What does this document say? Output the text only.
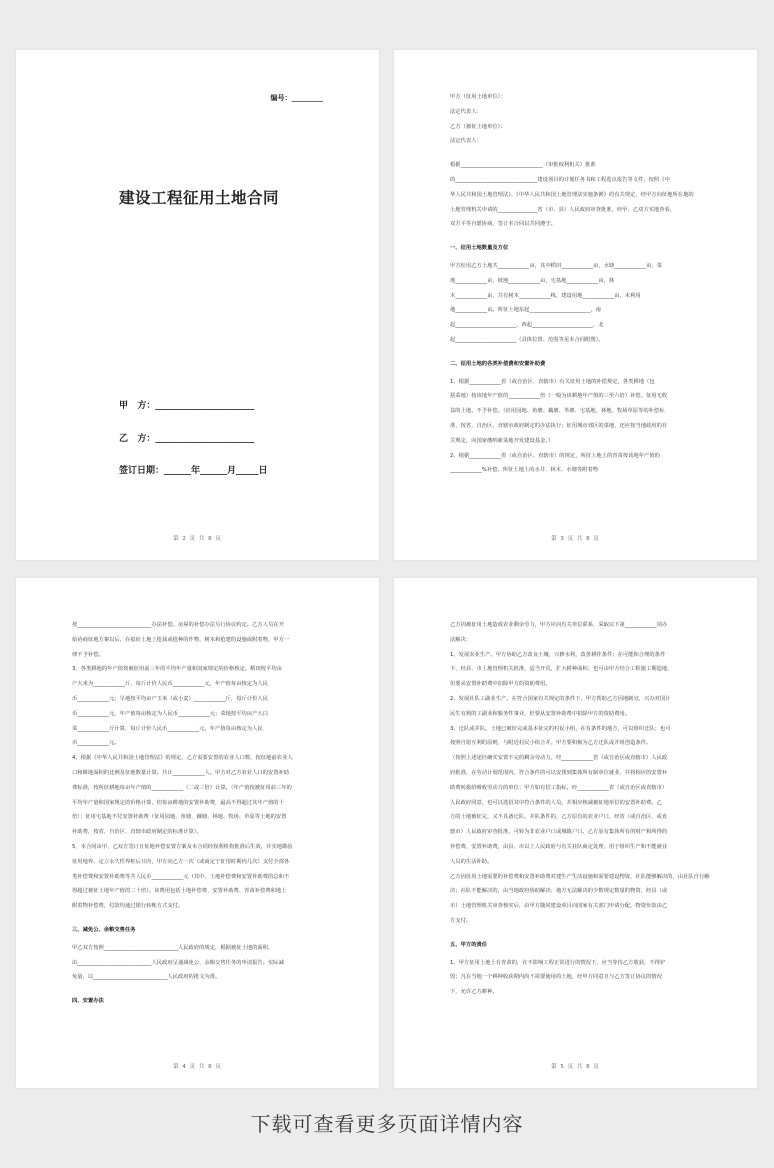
编号：_________
建设工程征用土地合同
甲   方：______________________
乙   方：______________________
签订日期：______年______月_____日
第 2 页 共 8 页

甲方（征用土地单位）：

法定代表人：

乙方（被征土地单位）：

法定代表人：

根据_______________________________（审批权利机关）批准

的_______________________________建设项目的计划任务书和工程选点报告等文件，按照《中

华人民共和国土地管理法》、《中华人民共和国土地管理法实施条例》的有关规定，经甲方向征地所在地的

土地管理机关申请的_______________省（市、县）人民政府审查批准，经甲、乙双方实地查看，

双方平等自愿协商，签订本合同以共同遵守。

一、征用土地数量及方位

甲方征用乙方土地共____________亩，其中稻田____________亩，水塘____________亩，菜

地____________亩，坡地____________亩，宅基地____________亩，林

木____________亩，共有树木____________株，建设用地____________亩，未利用

地____________亩。所征土地东起_______________________，南

起_______________________，西起_______________________，北

起_______________________（具体位置、范围等见本合同附图）。

二、征用土地的各类补偿费和安置补助费

1、根据____________省（或自治区、直辖市）有关征用土地的补偿规定，各类耕地（包

括菜地）按该地年产值的____________倍（一般为该耕地年产值的三至六倍）补偿。征用无收

益的土地，不予补偿。（征用园地、鱼塘、藕塘、苇塘、宅基地、林地、牧场草原等的补偿标

准，按省、自治区、直辖市政府制定的办法执行；征用城市郊区的菜地，还应按当地政府的有

关规定，向国家缴纳新菜地开发建设基金。）

2、根据____________省（或自治区、直辖市）的规定，所征土地上的青苗按该地年产值的

____________%补偿。所征土地上的水井、林木、水塘等附着物

第 3 页 共 8 页

按____________________________办法补偿。房屋的补偿办法另行协议约定。乙方人员在开

始协商征地方案以后，在拟征土地上抢栽或抢种的作物、树木和抢建的设施或附着物，甲方一

律不予补偿。

3、各类耕地的年产值按被征用前三年的平均年产量和国家规定的价格核定。稻田按平均亩

产大米为____________斤，每斤计价人民币____________元，年产值每亩核定为人民

币____________元；旱地按平均亩产玉米（或小麦）____________斤，每斤计价人民

币____________元，年产值每亩核定为人民币____________元；菜地按平均亩产大白

菜____________斤计算，每斤计价人民币____________元，年产值每亩核定为人民

币____________元。

4、根据《中华人民共和国土地管理法》的规定，乙方需要安置的农业人口数，按征地前农业人

口和耕地面积的比例及征地数量计算，共计____________人。甲方对乙方农业人口的安置补助

费标准，按所征耕地每亩年产值的____________（二或三倍）计算。（年产值按被征用前三年的

平均年产量和国家规定的价格计算，但每亩耕地的安置补助费，最高不得超过其年产值的十

倍）；征用宅基地不付安置补助费（征用园地、鱼塘、藕塘、林地、牧场、草原等土地的安置

补助费，按省、自治区、直辖市政府制定的标准计算）。

5、本合同由甲、乙双方签订且征地补偿安置方案及本合同经权利机构批准后生效，并实地勘验

征用地界、定立永久性界桩后日内，甲方向乙方一次（或商定于征用时期内几次）支付全部各

类补偿费和安置补助费等共人民币____________元（其中，土地补偿费和安置补助费的总和不

得超过被征土地年产值的二十倍）。该费用包括土地补偿费、安置补助费、青苗补偿费和地上

附着物补偿费，付款均通过银行转帐方式支付。

三、减免公、余粮交售任务

甲乙双方按照____________________________人民政府的规定，根据被征土地的面积，

由____________________________人民政府呈递减免公、余粮交售任务的申请报告。实际减

免量，以____________________________人民政府的批文为准。

四、安置办法

第 4 页 共 8 页

乙方因被征用土地造成农业剩余劳力，甲方应向有关单位联系，采取以下第____________项办

法解决：

1、发展农业生产。甲方协助乙方改良土壤，兴修水利，改善耕作条件；在可能和合理的条件

下，经县、市土地管理机关批准，适当开荒，扩大耕种面积；也可由甲方结合工程施工期造地，

但要从安置补助费中扣除甲方的资助费用。

2、发展社队工副业生产。在符合国家有关规定的条件下，甲方帮助乙方因地制宜，兴办对国计

民生有利的工副业和服务性事业，但要从安置补助费中扣除甲方的资助费用。

3、迁队或并队。土地已被征完或基本征完的村民小组，在有条件的地方，可以组织迁队；也可

按照自愿互利的原则，与附近村民小组合并。甲方要积极为乙方迁队或并组创造条件。

（按照上述途径确实安置不完的剩余劳动力，经____________省（或自治区或直辖市）人民政

府批准，在劳动计划范围内，符合条件的可以安排到集体所有制单位就业，并将相应的安置补

助费转拨给吸收劳动力的单位；甲方如有招工指标，经____________省（或自治区或直辖市）

人民政府同意，也可以选招其中符合条件的人员，并相应核减被征地单位的安置补助费。乙

方的土地被征完，又不具备迁队、并队条件的，乙方原有的农业户口，经省（或自治区，或直

辖市）人民政府审查批准，可转为非农业户口或城镇户口。乙方原有集体所有的财产和所得的

补偿费、安置补助费，由县、市以上人民政府与有关社队商定处理，用于组织生产和不能就业

人员的生活补助。

乙方因征用土地需要的补偿费和安置补助费对建生产生活设施和需要建设物资，社队能够解决的，由社队自行解

决；社队不能解决的，由当地政府协助解决；地方无法解决的少数规定数量的物资，经县（或

市）土地管理机关审查核实后，由甲方随同建设项目向国家有关部门申请分配，物资价款由乙

方支付。

五、甲方的责任

1、甲方征用土地上有青苗的，在不影响工程正常进行的情况下，应当等待乙方收获，不得铲

毁；凡在当地一个耕种收获期内尚不需要使用的土地，经甲方同意且与乙方签订协议的情况

下，允许乙方耕种。

第 5 页 共 8 页
下载可查看更多页面详情内容
